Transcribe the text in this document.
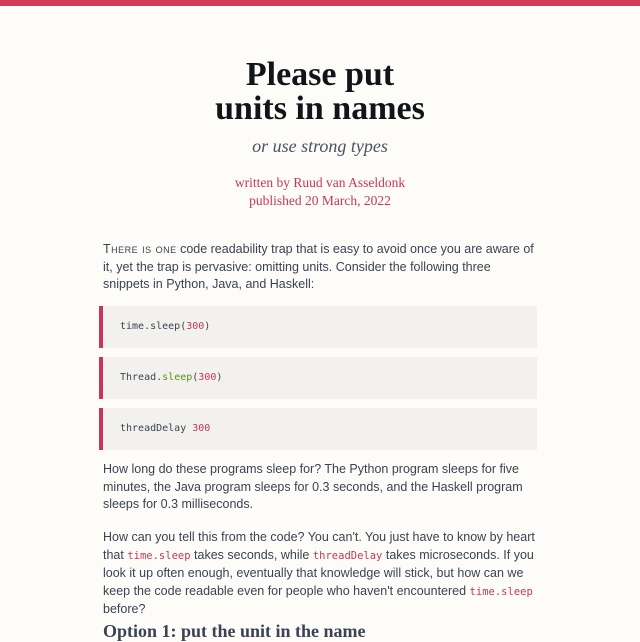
Please put
units in names
or use strong types
written by Ruud van Asseldonk
published 20 March, 2022

There is one code readability trap that is easy to avoid once you are aware of it, yet the trap is pervasive: omitting units. Consider the following three snippets in Python, Java, and Haskell:

time.sleep(300)
Thread.sleep(300)
threadDelay 300

How long do these programs sleep for? The Python program sleeps for five minutes, the Java program sleeps for 0.3 seconds, and the Haskell program sleeps for 0.3 milliseconds.

How can you tell this from the code? You can't. You just have to know by heart that time.sleep takes seconds, while threadDelay takes microseconds. If you look it up often enough, eventually that knowledge will stick, but how can we keep the code readable even for people who haven't encountered time.sleep before?

Option 1: put the unit in the name
